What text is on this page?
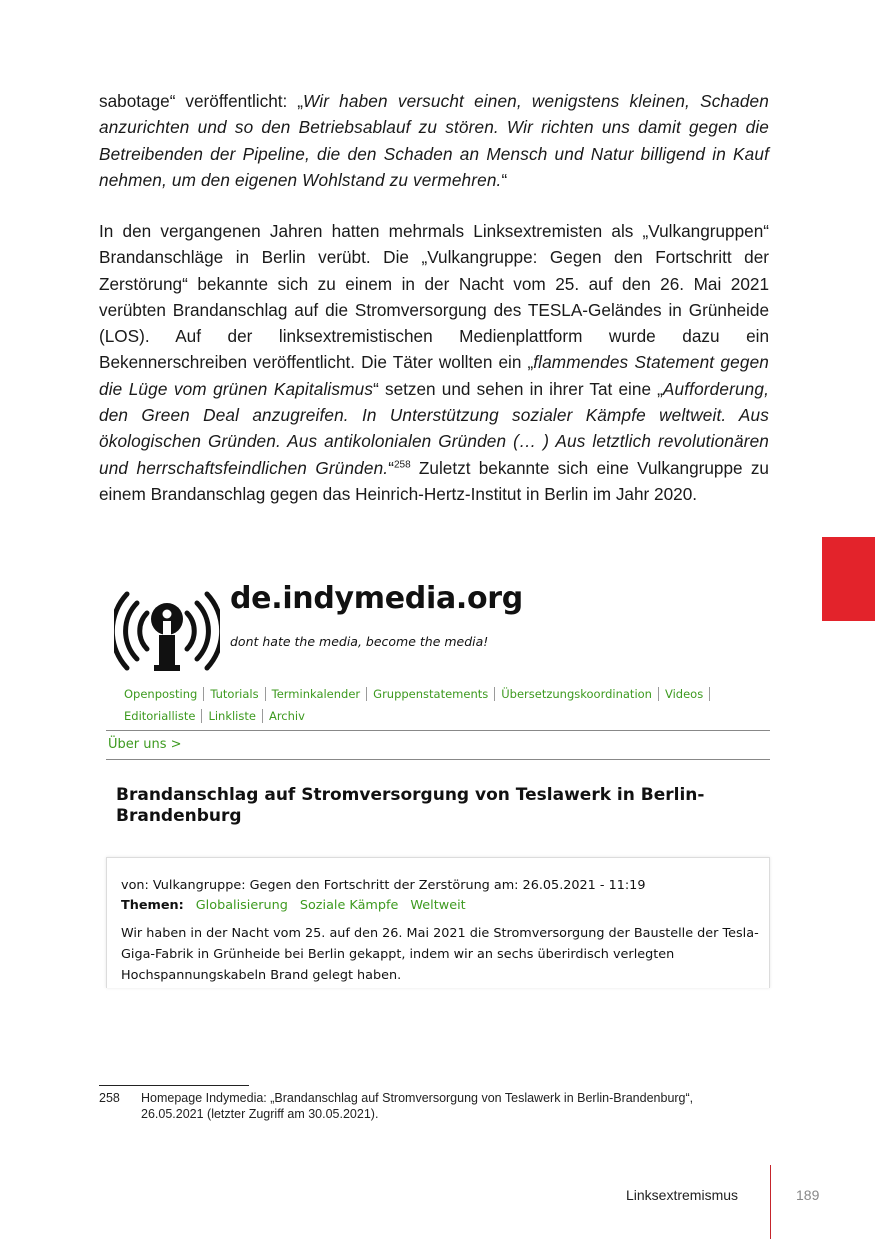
sabotage“ veröffentlicht: „Wir haben versucht einen, wenigstens kleinen, Schaden anzurichten und so den Betriebsablauf zu stören. Wir richten uns damit gegen die Betreibenden der Pipeline, die den Schaden an Mensch und Natur billigend in Kauf nehmen, um den eigenen Wohlstand zu vermehren.“

In den vergangenen Jahren hatten mehrmals Linksextremisten als „Vulkangruppen“ Brandanschläge in Berlin verübt. Die „Vulkangruppe: Gegen den Fortschritt der Zerstörung“ bekannte sich zu einem in der Nacht vom 25. auf den 26. Mai 2021 verübten Brandanschlag auf die Stromversorgung des TESLA-Geländes in Grünheide (LOS). Auf der linksextremistischen Medienplattform wurde dazu ein Bekennerschreiben veröffentlicht. Die Täter wollten ein „flammendes Statement gegen die Lüge vom grünen Kapitalismus“ setzen und sehen in ihrer Tat eine „Aufforderung, den Green Deal anzugreifen. In Unterstützung sozialer Kämpfe weltweit. Aus ökologischen Gründen. Aus antikolonialen Gründen (… ) Aus letztlich revolutionären und herrschaftsfeindlichen Gründen.“$^{258}$ Zuletzt bekannte sich eine Vulkangruppe zu einem Brandanschlag gegen das Heinrich-Hertz-Institut in Berlin im Jahr 2020.

de.indymedia.org
dont hate the media, become the media!
Openposting Tutorials Terminkalender Gruppenstatements Übersetzungskoordination Videos
Editorialliste Linkliste Archiv
Über uns >
Brandanschlag auf Stromversorgung von Teslawerk in Berlin-Brandenburg
von: Vulkangruppe: Gegen den Fortschritt der Zerstörung am: 26.05.2021 - 11:19
Themen: Globalisierung Soziale Kämpfe Weltweit
Wir haben in der Nacht vom 25. auf den 26. Mai 2021 die Stromversorgung der Baustelle der Tesla-Giga-Fabrik in Grünheide bei Berlin gekappt, indem wir an sechs überirdisch verlegten Hochspannungskabeln Brand gelegt haben.
258 Homepage Indymedia: „Brandanschlag auf Stromversorgung von Teslawerk in Berlin-Brandenburg“, 26.05.2021 (letzter Zugriff am 30.05.2021).
Linksextremismus	189
